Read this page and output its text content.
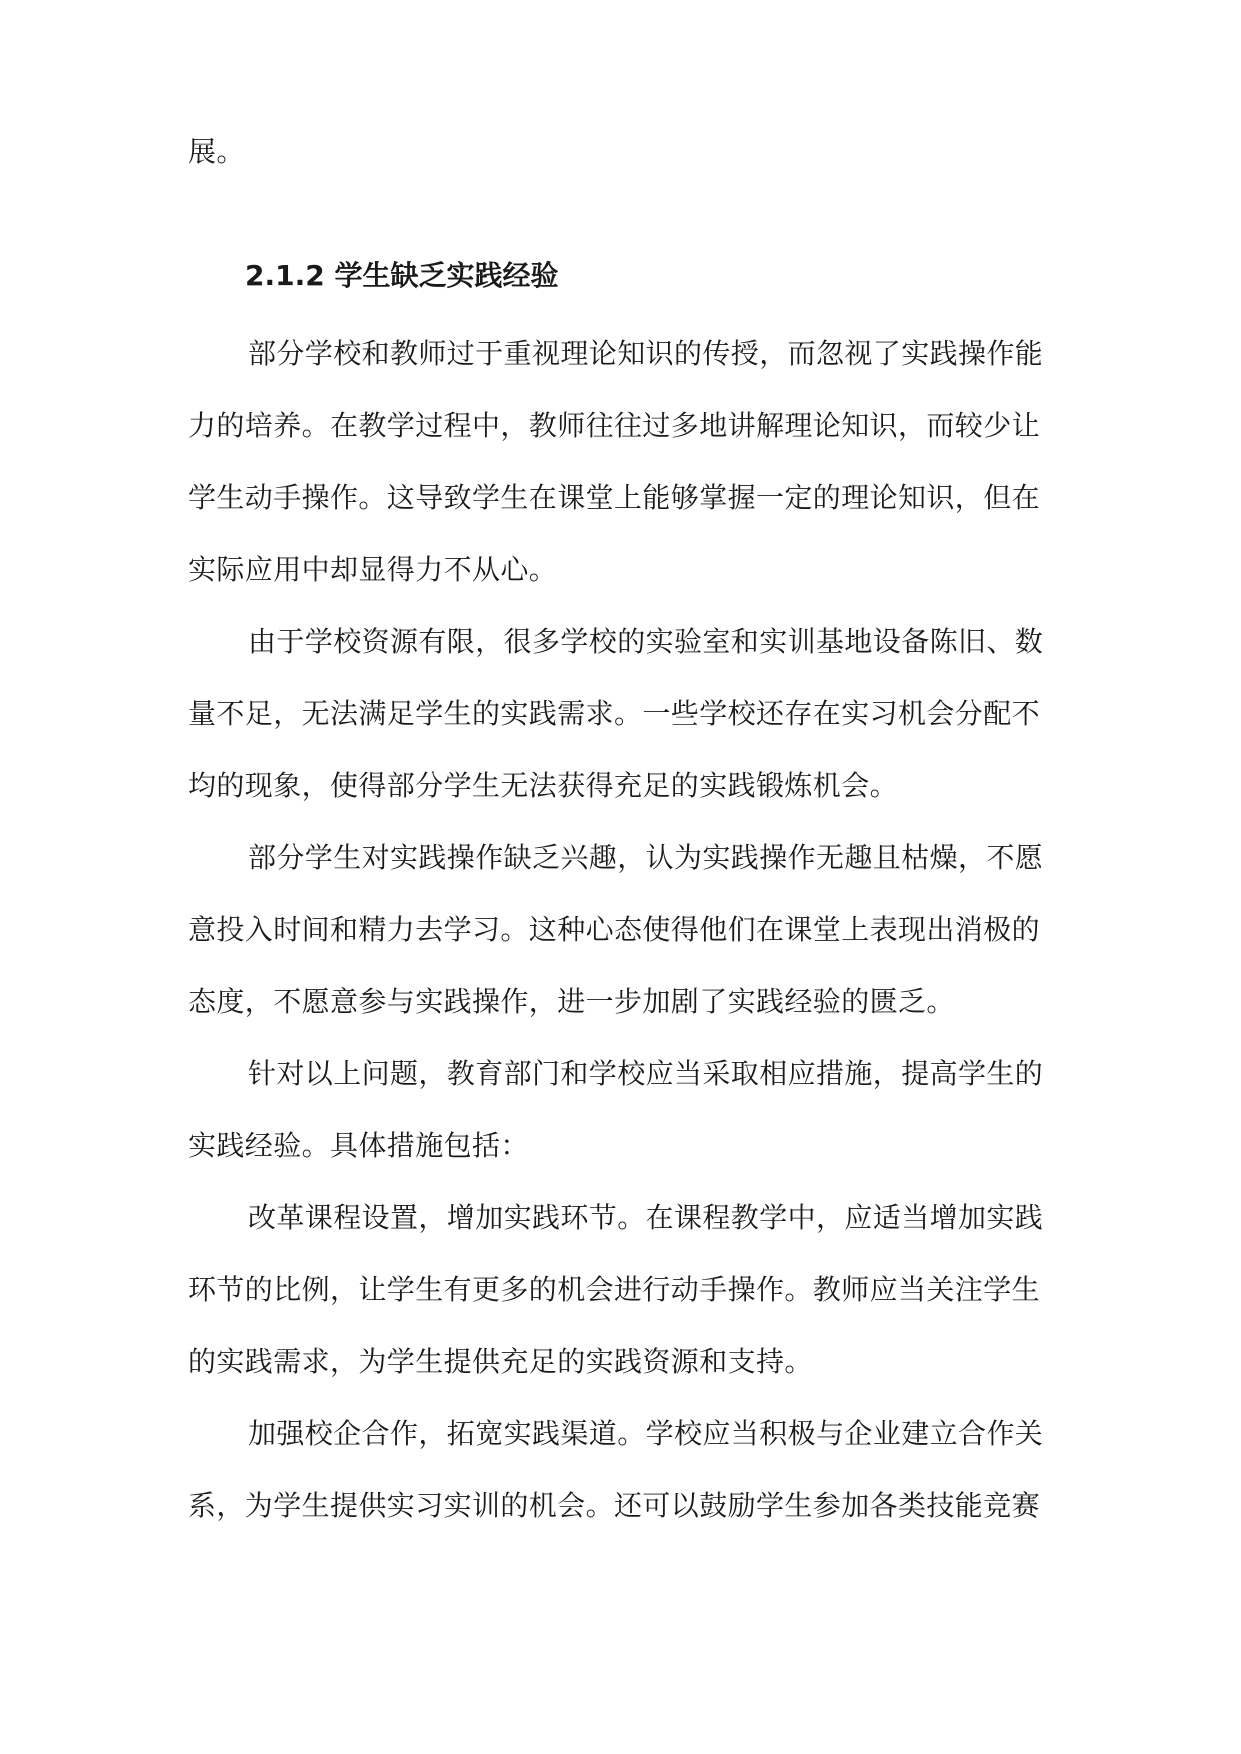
展。
2.1.2 学生缺乏实践经验
部分学校和教师过于重视理论知识的传授，而忽视了实践操作能
力的培养。在教学过程中，教师往往过多地讲解理论知识，而较少让
学生动手操作。这导致学生在课堂上能够掌握一定的理论知识，但在
实际应用中却显得力不从心。
由于学校资源有限，很多学校的实验室和实训基地设备陈旧、数
量不足，无法满足学生的实践需求。一些学校还存在实习机会分配不
均的现象，使得部分学生无法获得充足的实践锻炼机会。
部分学生对实践操作缺乏兴趣，认为实践操作无趣且枯燥，不愿
意投入时间和精力去学习。这种心态使得他们在课堂上表现出消极的
态度，不愿意参与实践操作，进一步加剧了实践经验的匮乏。
针对以上问题，教育部门和学校应当采取相应措施，提高学生的
实践经验。具体措施包括：
改革课程设置，增加实践环节。在课程教学中，应适当增加实践
环节的比例，让学生有更多的机会进行动手操作。教师应当关注学生
的实践需求，为学生提供充足的实践资源和支持。
加强校企合作，拓宽实践渠道。学校应当积极与企业建立合作关
系，为学生提供实习实训的机会。还可以鼓励学生参加各类技能竞赛
